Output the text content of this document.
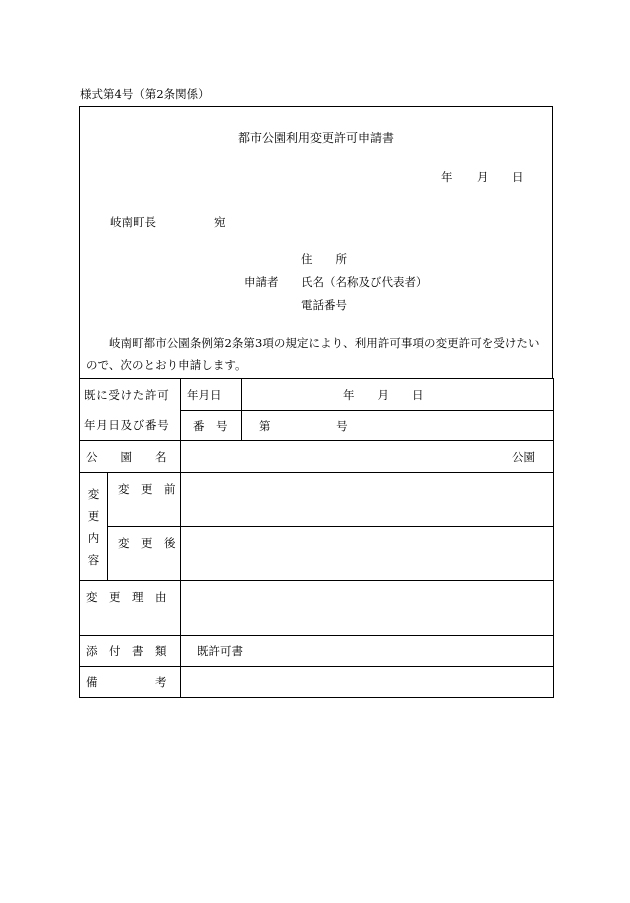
様式第4号（第2条関係）
都市公園利用変更許可申請書
年 月 日
岐南町長	宛
住　　所
申請者 氏名（名称及び代表者）
電話番号
岐南町都市公園条例第2条第3項の規定により、利用許可事項の変更許可を受けたいので、次のとおり申請します。
既に受けた許可
年月日及び番号		年月日	年　　月　　日
		番　号	第 号
公　　園　　名		公園	

変
更
内
容	変　更　前		
	変　更　後		
変　更　理　由			
添　付　書　類		既許可書	
備　　　　　考			
